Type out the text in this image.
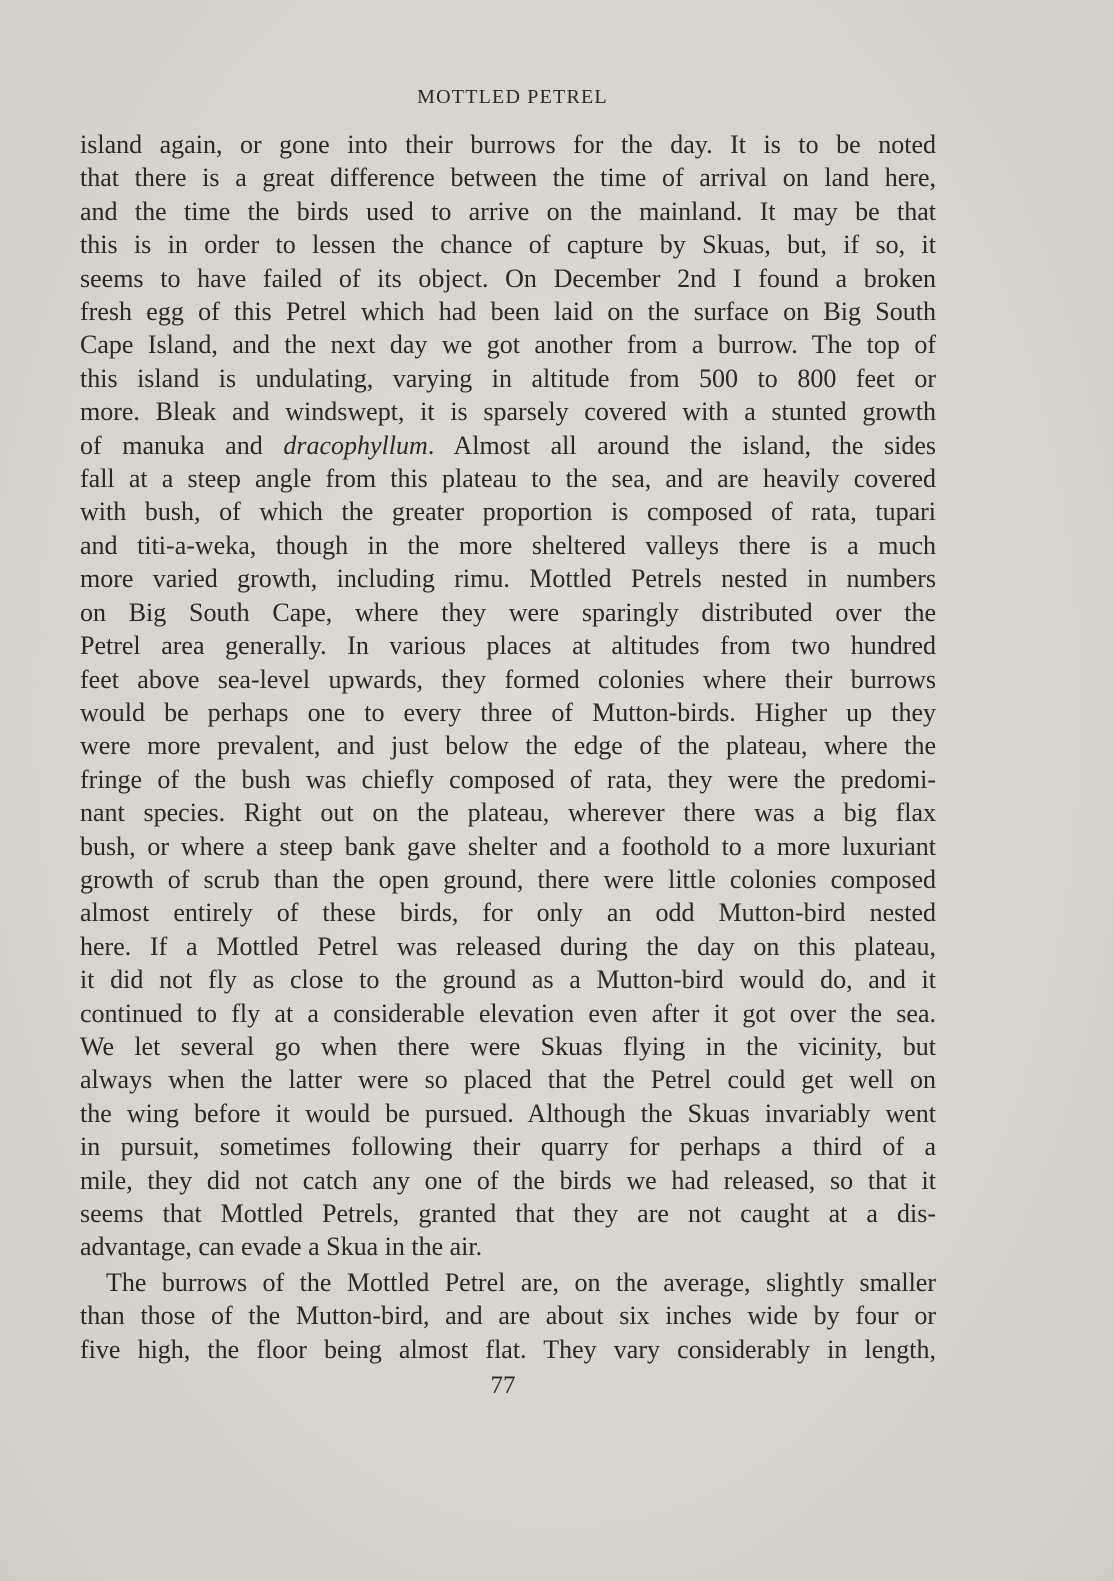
MOTTLED PETREL
island again, or gone into their burrows for the day. It is to be noted
that there is a great difference between the time of arrival on land here,
and the time the birds used to arrive on the mainland. It may be that
this is in order to lessen the chance of capture by Skuas, but, if so, it
seems to have failed of its object. On December 2nd I found a broken
fresh egg of this Petrel which had been laid on the surface on Big South
Cape Island, and the next day we got another from a burrow. The top of
this island is undulating, varying in altitude from 500 to 800 feet or
more. Bleak and windswept, it is sparsely covered with a stunted growth
of manuka and dracophyllum. Almost all around the island, the sides
fall at a steep angle from this plateau to the sea, and are heavily covered
with bush, of which the greater proportion is composed of rata, tupari
and titi-a-weka, though in the more sheltered valleys there is a much
more varied growth, including rimu. Mottled Petrels nested in numbers
on Big South Cape, where they were sparingly distributed over the
Petrel area generally. In various places at altitudes from two hundred
feet above sea-level upwards, they formed colonies where their burrows
would be perhaps one to every three of Mutton-birds. Higher up they
were more prevalent, and just below the edge of the plateau, where the
fringe of the bush was chiefly composed of rata, they were the predomi-
nant species. Right out on the plateau, wherever there was a big flax
bush, or where a steep bank gave shelter and a foothold to a more luxuriant
growth of scrub than the open ground, there were little colonies composed
almost entirely of these birds, for only an odd Mutton-bird nested
here. If a Mottled Petrel was released during the day on this plateau,
it did not fly as close to the ground as a Mutton-bird would do, and it
continued to fly at a considerable elevation even after it got over the sea.
We let several go when there were Skuas flying in the vicinity, but
always when the latter were so placed that the Petrel could get well on
the wing before it would be pursued. Although the Skuas invariably went
in pursuit, sometimes following their quarry for perhaps a third of a
mile, they did not catch any one of the birds we had released, so that it
seems that Mottled Petrels, granted that they are not caught at a dis-
advantage, can evade a Skua in the air.
The burrows of the Mottled Petrel are, on the average, slightly smaller
than those of the Mutton-bird, and are about six inches wide by four or
five high, the floor being almost flat. They vary considerably in length,
77
